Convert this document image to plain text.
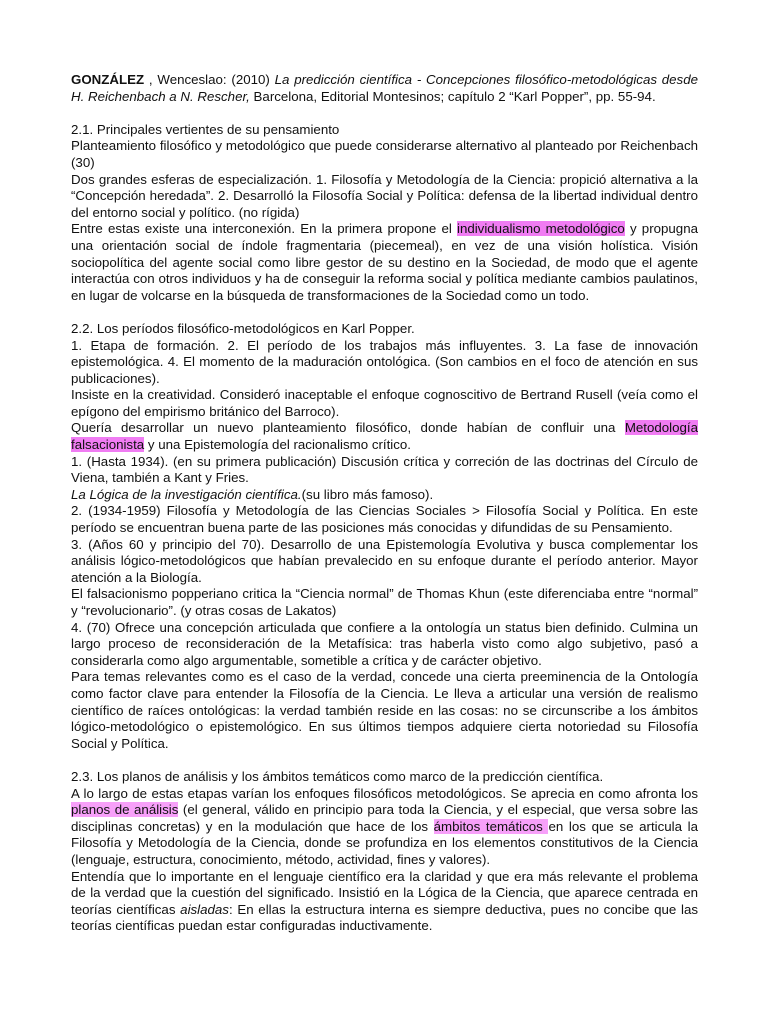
GONZÁLEZ , Wenceslao: (2010) La predicción científica - Concepciones filosófico-metodológicas desde H. Reichenbach a N. Rescher, Barcelona, Editorial Montesinos; capítulo 2 “Karl Popper”, pp. 55-94.

2.1. Principales vertientes de su pensamiento

Planteamiento filosófico y metodológico que puede considerarse alternativo al planteado por Reichenbach (30)

Dos grandes esferas de especialización. 1. Filosofía y Metodología de la Ciencia: propició alternativa a la “Concepción heredada”. 2. Desarrolló la Filosofía Social y Política: defensa de la libertad individual dentro del entorno social y político. (no rígida)

Entre estas existe una interconexión. En la primera propone el individualismo metodológico y propugna una orientación social de índole fragmentaria (piecemeal), en vez de una visión holística. Visión sociopolítica del agente social como libre gestor de su destino en la Sociedad, de modo que el agente interactúa con otros individuos y ha de conseguir la reforma social y política mediante cambios paulatinos, en lugar de volcarse en la búsqueda de transformaciones de la Sociedad como un todo.

2.2. Los períodos filosófico-metodológicos en Karl Popper.

1. Etapa de formación. 2. El período de los trabajos más influyentes. 3. La fase de innovación epistemológica. 4. El momento de la maduración ontológica. (Son cambios en el foco de atención en sus publicaciones).

Insiste en la creatividad. Consideró inaceptable el enfoque cognoscitivo de Bertrand Rusell (veía como el epígono del empirismo británico del Barroco).

Quería desarrollar un nuevo planteamiento filosófico, donde habían de confluir una Metodología falsacionista y una Epistemología del racionalismo crítico.

1. (Hasta 1934). (en su primera publicación) Discusión crítica y correción de las doctrinas del Círculo de Viena, también a Kant y Fries.

La Lógica de la investigación científica.(su libro más famoso).

2. (1934-1959) Filosofía y Metodología de las Ciencias Sociales > Filosofía Social y Política. En este período se encuentran buena parte de las posiciones más conocidas y difundidas de su Pensamiento.

3. (Años 60 y principio del 70). Desarrollo de una Epistemología Evolutiva y busca complementar los análisis lógico-metodológicos que habían prevalecido en su enfoque durante el período anterior. Mayor atención a la Biología.

El falsacionismo popperiano critica la “Ciencia normal” de Thomas Khun (este diferenciaba entre “normal” y “revolucionario”. (y otras cosas de Lakatos)

4. (70) Ofrece una concepción articulada que confiere a la ontología un status bien definido. Culmina un largo proceso de reconsideración de la Metafísica: tras haberla visto como algo subjetivo, pasó a considerarla como algo argumentable, sometible a crítica y de carácter objetivo.

Para temas relevantes como es el caso de la verdad, concede una cierta preeminencia de la Ontología como factor clave para entender la Filosofía de la Ciencia. Le lleva a articular una versión de realismo científico de raíces ontológicas: la verdad también reside en las cosas: no se circunscribe a los ámbitos lógico-metodológico o epistemológico. En sus últimos tiempos adquiere cierta notoriedad su Filosofía Social y Política.

2.3. Los planos de análisis y los ámbitos temáticos como marco de la predicción científica.

A lo largo de estas etapas varían los enfoques filosóficos metodológicos. Se aprecia en como afronta los planos de análisis (el general, válido en principio para toda la Ciencia, y el especial, que versa sobre las disciplinas concretas) y en la modulación que hace de los ámbitos temáticos en los que se articula la Filosofía y Metodología de la Ciencia, donde se profundiza en los elementos constitutivos de la Ciencia (lenguaje, estructura, conocimiento, método, actividad, fines y valores).

Entendía que lo importante en el lenguaje científico era la claridad y que era más relevante el problema de la verdad que la cuestión del significado. Insistió en la Lógica de la Ciencia, que aparece centrada en teorías científicas aisladas: En ellas la estructura interna es siempre deductiva, pues no concibe que las teorías científicas puedan estar configuradas inductivamente.
